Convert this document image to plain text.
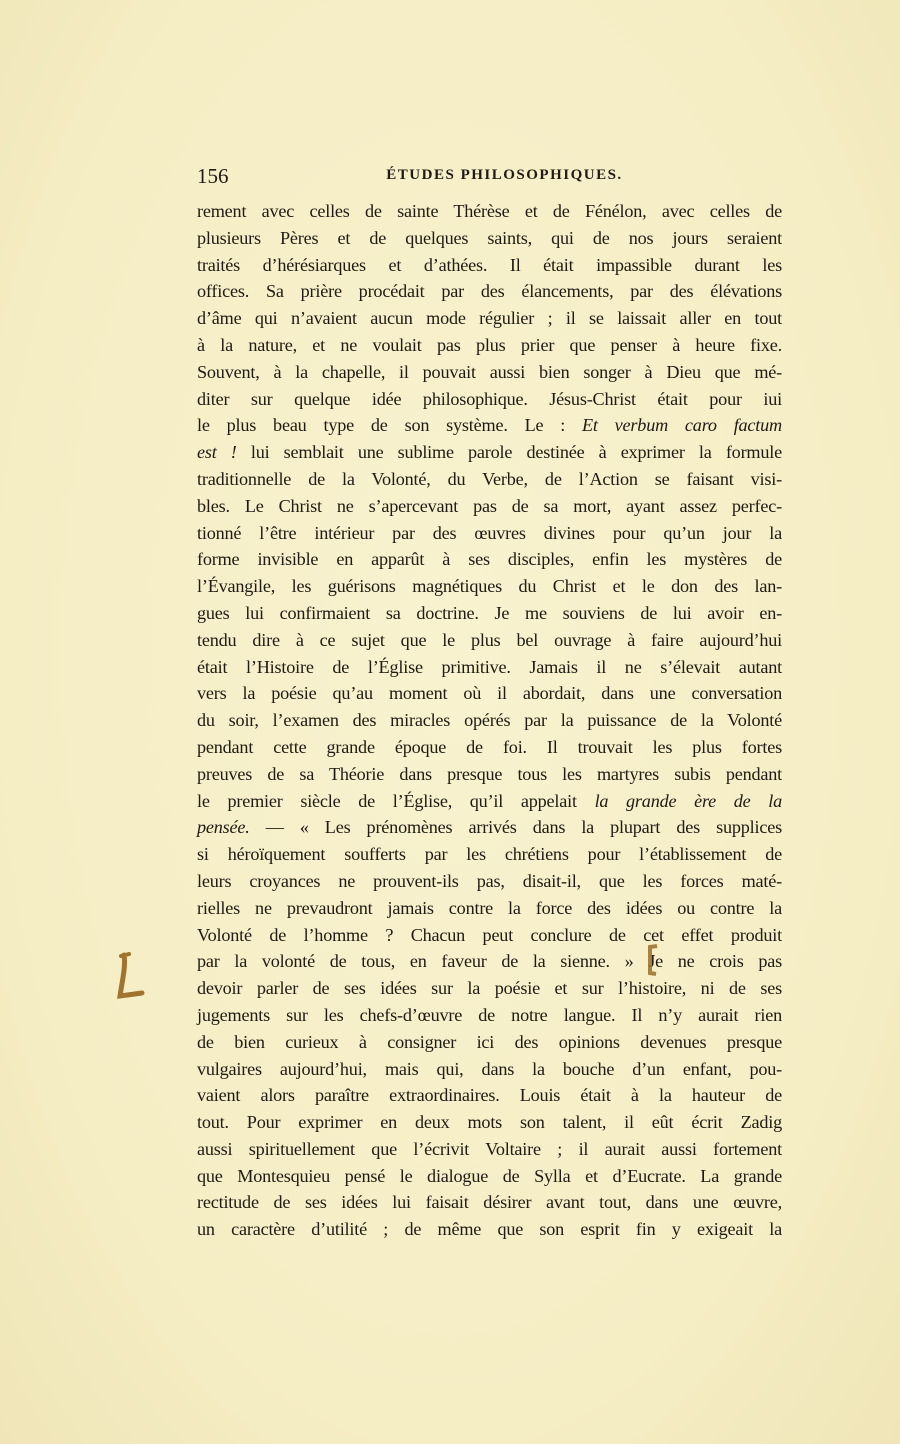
156	ÉTUDES PHILOSOPHIQUES.
rement avec celles de sainte Thérèse et de Fénélon, avec celles de
plusieurs Pères et de quelques saints, qui de nos jours seraient
traités d’hérésiarques et d’athées. Il était impassible durant les
offices. Sa prière procédait par des élancements, par des élévations
d’âme qui n’avaient aucun mode régulier ; il se laissait aller en tout
à la nature, et ne voulait pas plus prier que penser à heure fixe.
Souvent, à la chapelle, il pouvait aussi bien songer à Dieu que mé-
diter sur quelque idée philosophique. Jésus-Christ était pour iui
le plus beau type de son système. Le : Et verbum caro factum
est ! lui semblait une sublime parole destinée à exprimer la formule
traditionnelle de la Volonté, du Verbe, de l’Action se faisant visi-
bles. Le Christ ne s’apercevant pas de sa mort, ayant assez perfec-
tionné l’être intérieur par des œuvres divines pour qu’un jour la
forme invisible en apparût à ses disciples, enfin les mystères de
l’Évangile, les guérisons magnétiques du Christ et le don des lan-
gues lui confirmaient sa doctrine. Je me souviens de lui avoir en-
tendu dire à ce sujet que le plus bel ouvrage à faire aujourd’hui
était l’Histoire de l’Église primitive. Jamais il ne s’élevait autant
vers la poésie qu’au moment où il abordait, dans une conversation
du soir, l’examen des miracles opérés par la puissance de la Volonté
pendant cette grande époque de foi. Il trouvait les plus fortes
preuves de sa Théorie dans presque tous les martyres subis pendant
le premier siècle de l’Église, qu’il appelait la grande ère de la
pensée. — « Les prénomènes arrivés dans la plupart des supplices
si héroïquement soufferts par les chrétiens pour l’établissement de
leurs croyances ne prouvent-ils pas, disait-il, que les forces maté-
rielles ne prevaudront jamais contre la force des idées ou contre la
Volonté de l’homme ? Chacun peut conclure de cet effet produit
par la volonté de tous, en faveur de la sienne. » Je ne crois pas
devoir parler de ses idées sur la poésie et sur l’histoire, ni de ses
jugements sur les chefs-d’œuvre de notre langue. Il n’y aurait rien
de bien curieux à consigner ici des opinions devenues presque
vulgaires aujourd’hui, mais qui, dans la bouche d’un enfant, pou-
vaient alors paraître extraordinaires. Louis était à la hauteur de
tout. Pour exprimer en deux mots son talent, il eût écrit Zadig
aussi spirituellement que l’écrivit Voltaire ; il aurait aussi fortement
que Montesquieu pensé le dialogue de Sylla et d’Eucrate. La grande
rectitude de ses idées lui faisait désirer avant tout, dans une œuvre,
un caractère d’utilité ; de même que son esprit fin y exigeait la
